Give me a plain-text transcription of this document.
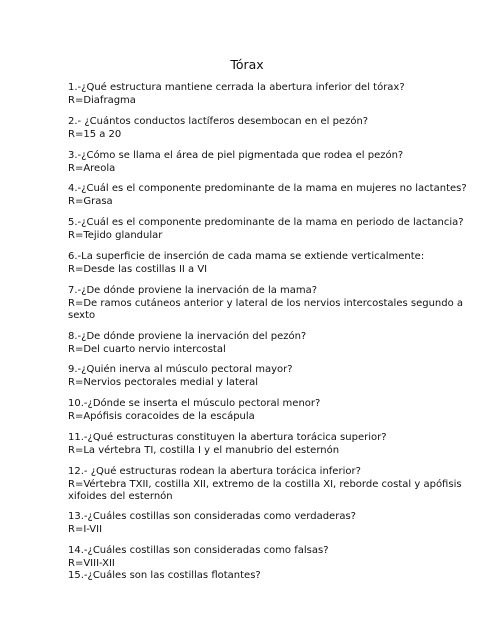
Tórax
1.-¿Qué estructura mantiene cerrada la abertura inferior del tórax?
R=Diafragma
2.- ¿Cuántos conductos lactíferos desembocan en el pezón?
R=15 a 20
3.-¿Cómo se llama el área de piel pigmentada que rodea el pezón?
R=Areola
4.-¿Cuál es el componente predominante de la mama en mujeres no lactantes?
R=Grasa
5.-¿Cuál es el componente predominante de la mama en periodo de lactancia?
R=Tejido glandular
6.-La superficie de inserción de cada mama se extiende verticalmente:
R=Desde las costillas II a VI
7.-¿De dónde proviene la inervación de la mama?
R=De ramos cutáneos anterior y lateral de los nervios intercostales segundo a
sexto
8.-¿De dónde proviene la inervación del pezón?
R=Del cuarto nervio intercostal
9.-¿Quién inerva al músculo pectoral mayor?
R=Nervios pectorales medial y lateral
10.-¿Dónde se inserta el músculo pectoral menor?
R=Apófisis coracoides de la escápula
11.-¿Qué estructuras constituyen la abertura torácica superior?
R=La vértebra TI, costilla I y el manubrio del esternón
12.- ¿Qué estructuras rodean la abertura torácica inferior?
R=Vértebra TXII, costilla XII, extremo de la costilla XI, reborde costal y apófisis
xifoides del esternón
13.-¿Cuáles costillas son consideradas como verdaderas?
R=I-VII
14.-¿Cuáles costillas son consideradas como falsas?
R=VIII-XII
15.-¿Cuáles son las costillas flotantes?
